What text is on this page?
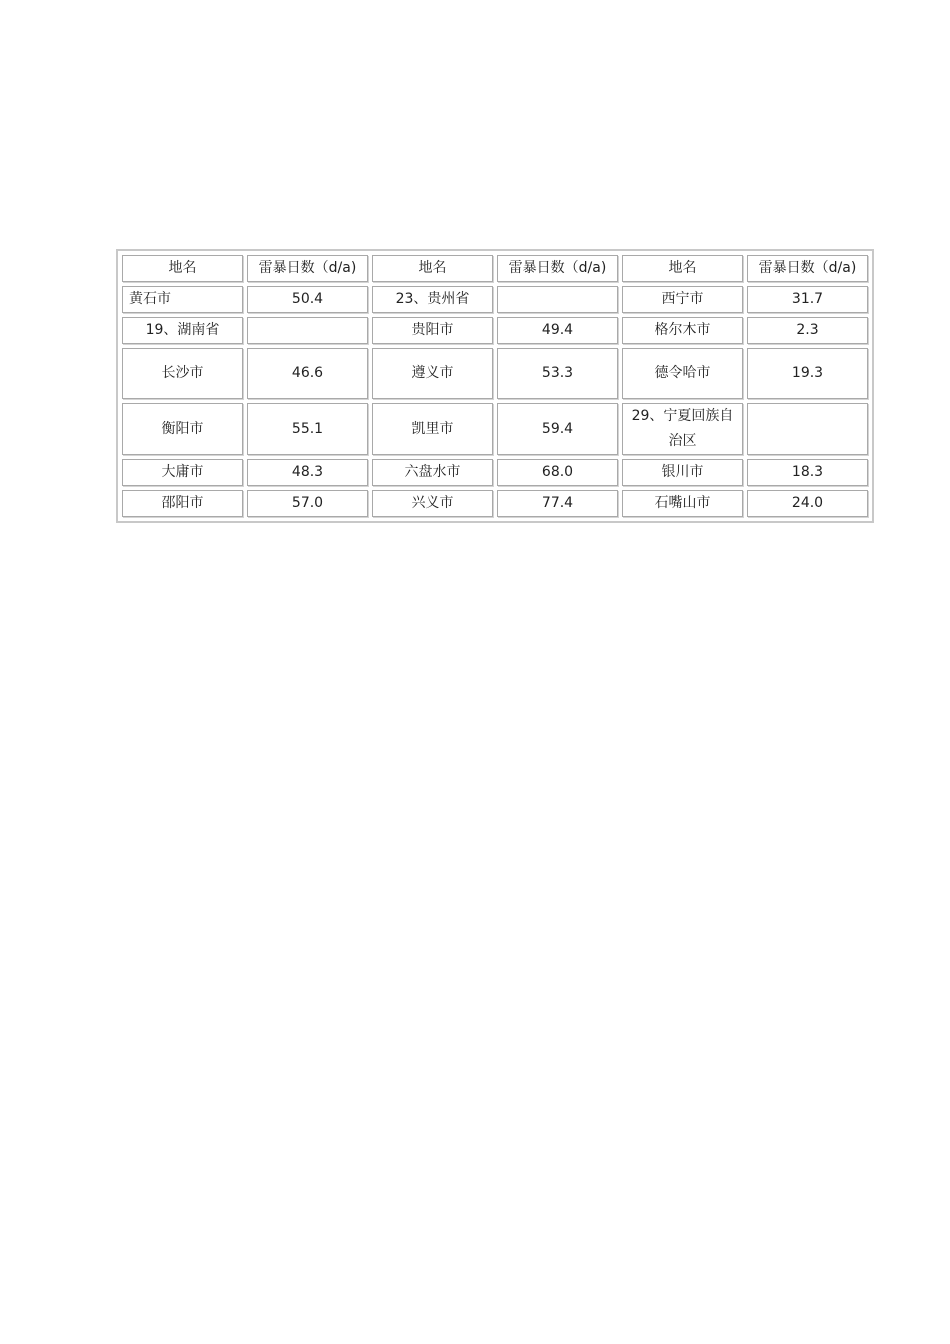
地名	雷暴日数（d/a)	地名	雷暴日数（d/a)	地名	雷暴日数（d/a)

黄石市	50.4	23、贵州省		西宁市	31.7
19、湖南省		贵阳市	49.4	格尔木市	2.3
长沙市	46.6	遵义市	53.3	德令哈市	19.3
衡阳市	55.1	凯里市	59.4	29、宁夏回族自治区	
大庸市	48.3	六盘水市	68.0	银川市	18.3
邵阳市	57.0	兴义市	77.4	石嘴山市	24.0
